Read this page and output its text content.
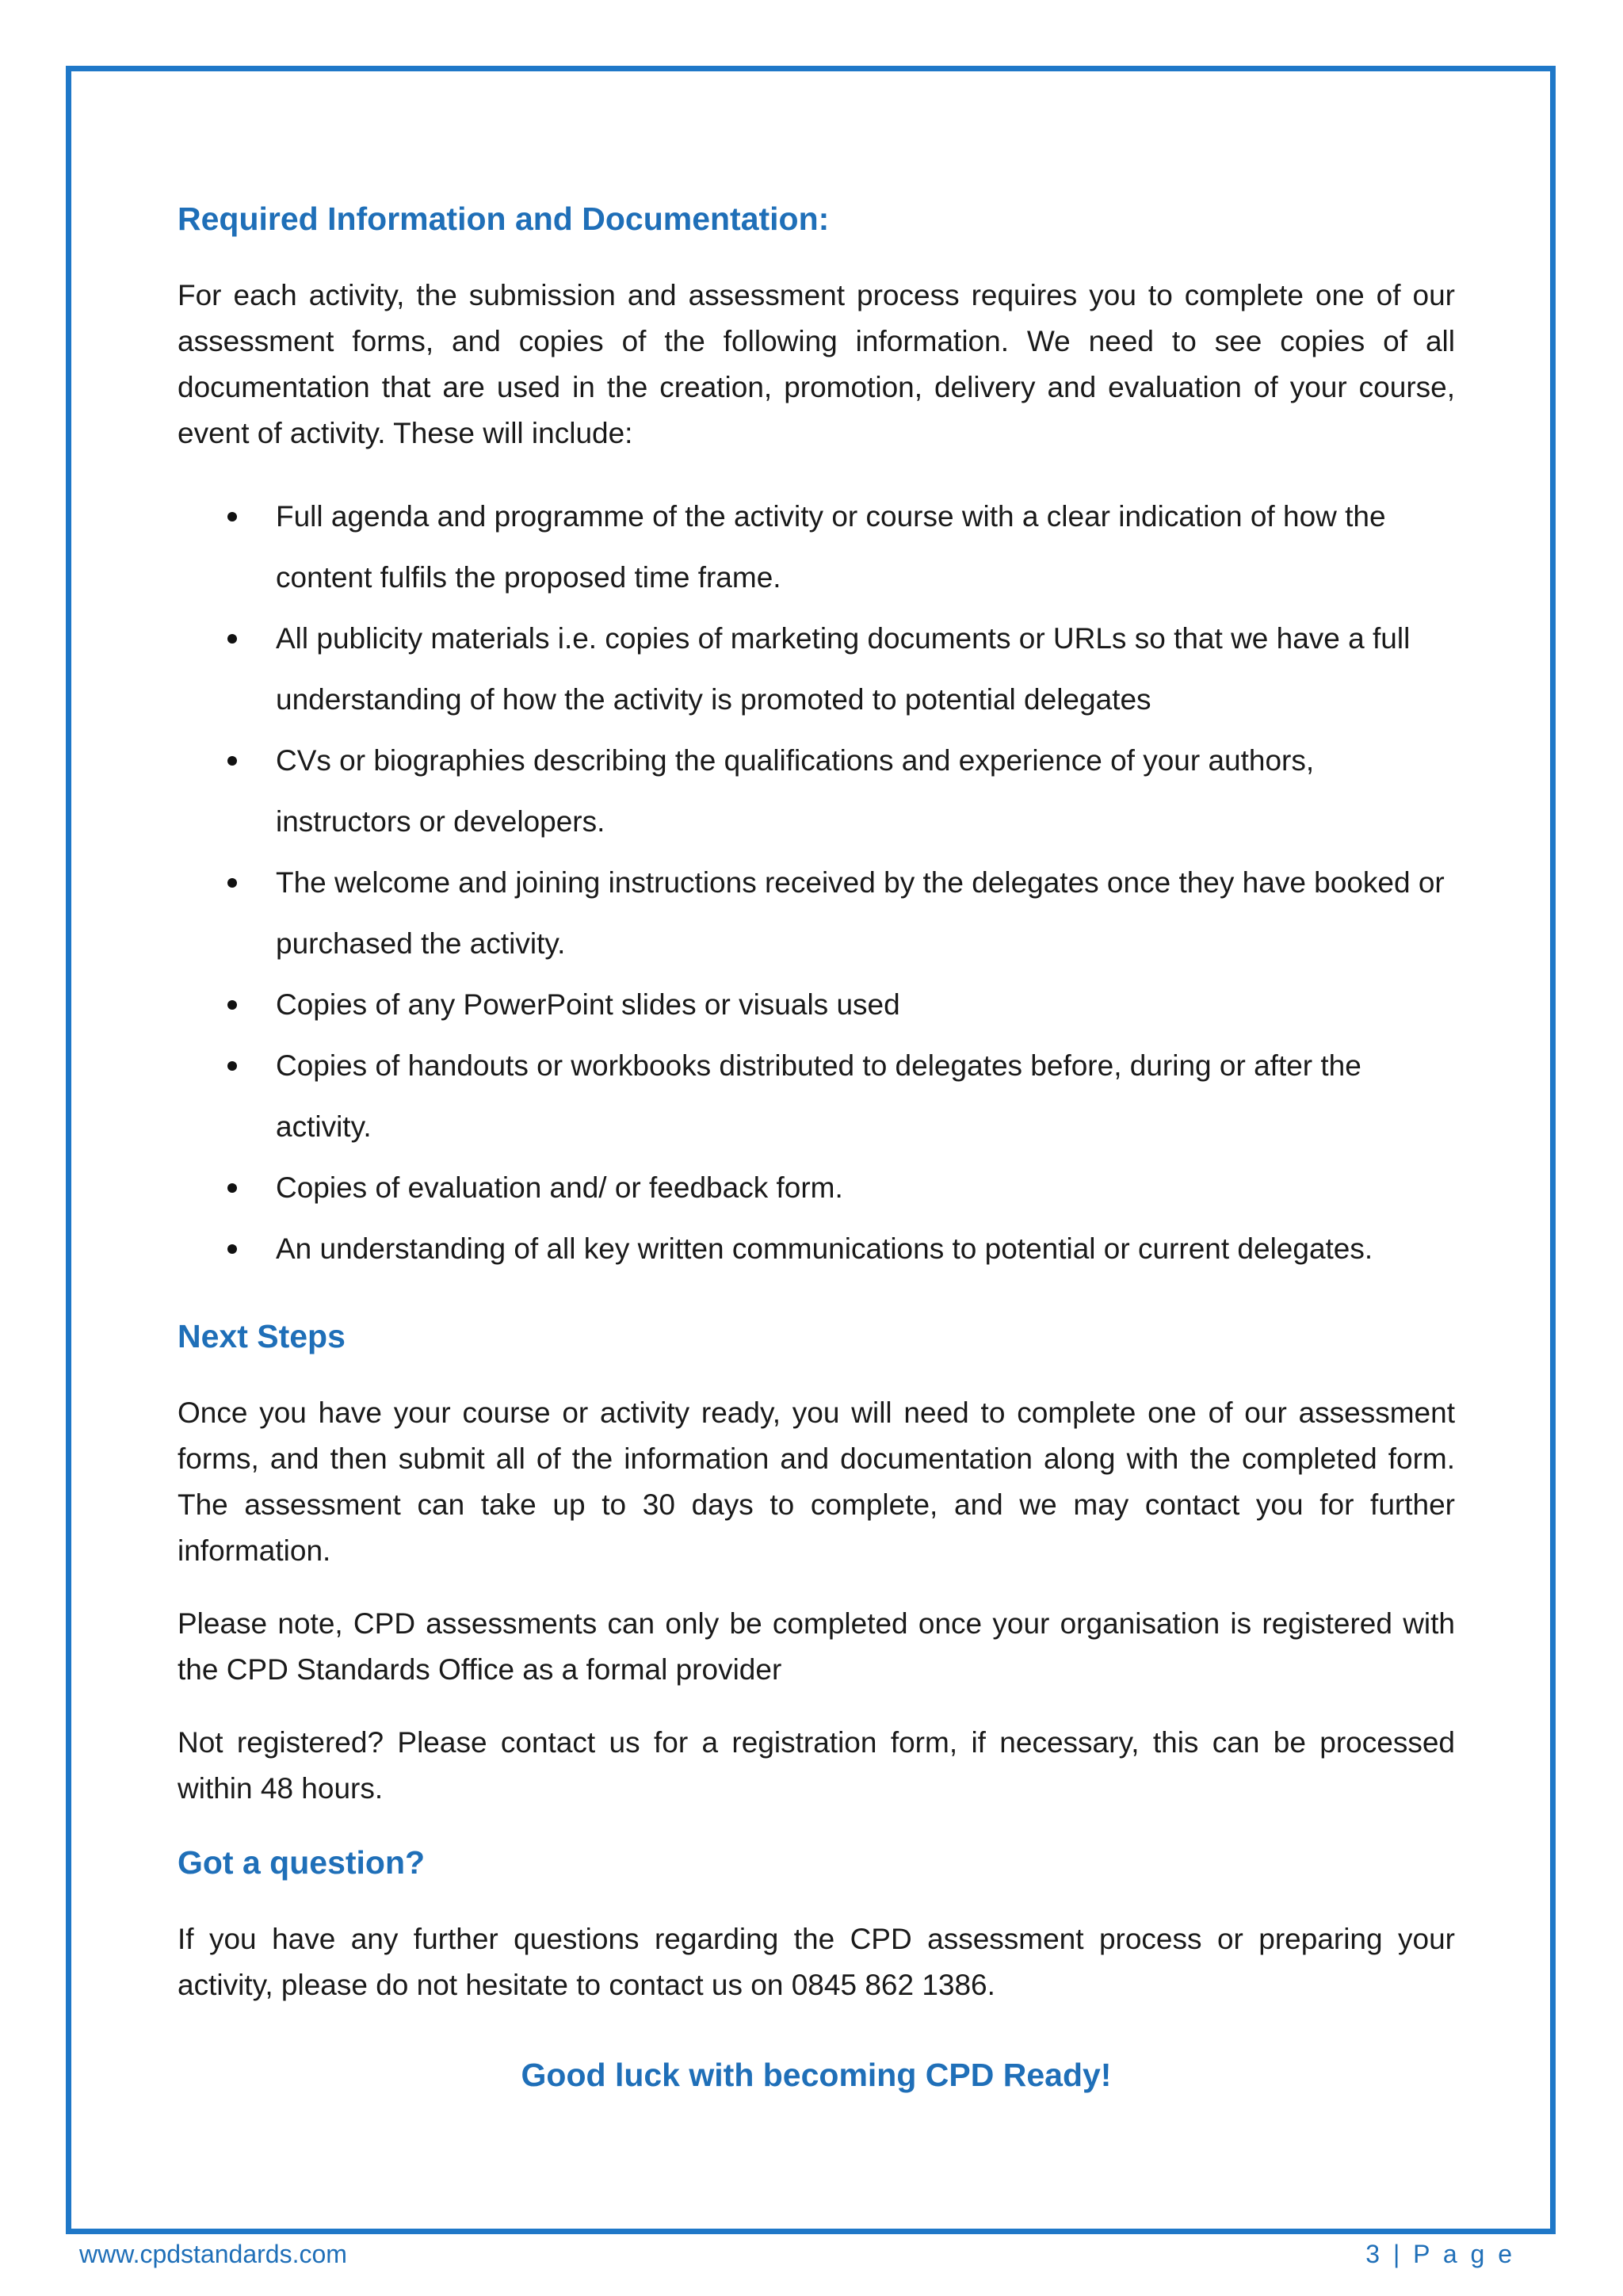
Required Information and Documentation:

For each activity, the submission and assessment process requires you to complete one of our assessment forms, and copies of the following information. We need to see copies of all documentation that are used in the creation, promotion, delivery and evaluation of your course, event of activity. These will include:

Full agenda and programme of the activity or course with a clear indication of how the content fulfils the proposed time frame.
All publicity materials i.e. copies of marketing documents or URLs so that we have a full understanding of how the activity is promoted to potential delegates
CVs or biographies describing the qualifications and experience of your authors, instructors or developers.
The welcome and joining instructions received by the delegates once they have booked or purchased the activity.
Copies of any PowerPoint slides or visuals used
Copies of handouts or workbooks distributed to delegates before, during or after the activity.
Copies of evaluation and/ or feedback form.
An understanding of all key written communications to potential or current delegates.
Next Steps

Once you have your course or activity ready, you will need to complete one of our assessment forms, and then submit all of the information and documentation along with the completed form. The assessment can take up to 30 days to complete, and we may contact you for further information.

Please note, CPD assessments can only be completed once your organisation is registered with the CPD Standards Office as a formal provider

Not registered? Please contact us for a registration form, if necessary, this can be processed within 48 hours.

Got a question?

If you have any further questions regarding the CPD assessment process or preparing your activity, please do not hesitate to contact us on 0845 862 1386.

Good luck with becoming CPD Ready!

www.cpdstandards.com	3 | P a g e
